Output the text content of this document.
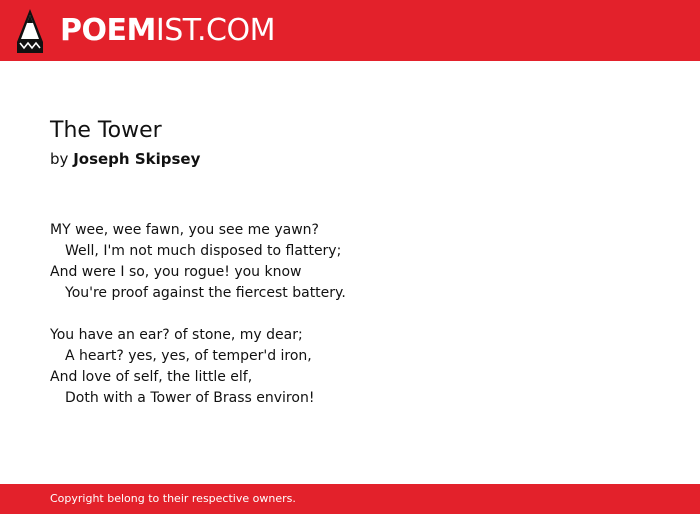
POEMIST.COM
The Tower
by Joseph Skipsey
MY wee, wee fawn, you see me yawn?
Well, I'm not much disposed to flattery;
And were I so, you rogue! you know
You're proof against the fiercest battery.
You have an ear? of stone, my dear;
A heart? yes, yes, of temper'd iron,
And love of self, the little elf,
Doth with a Tower of Brass environ!
Copyright belong to their respective owners.
